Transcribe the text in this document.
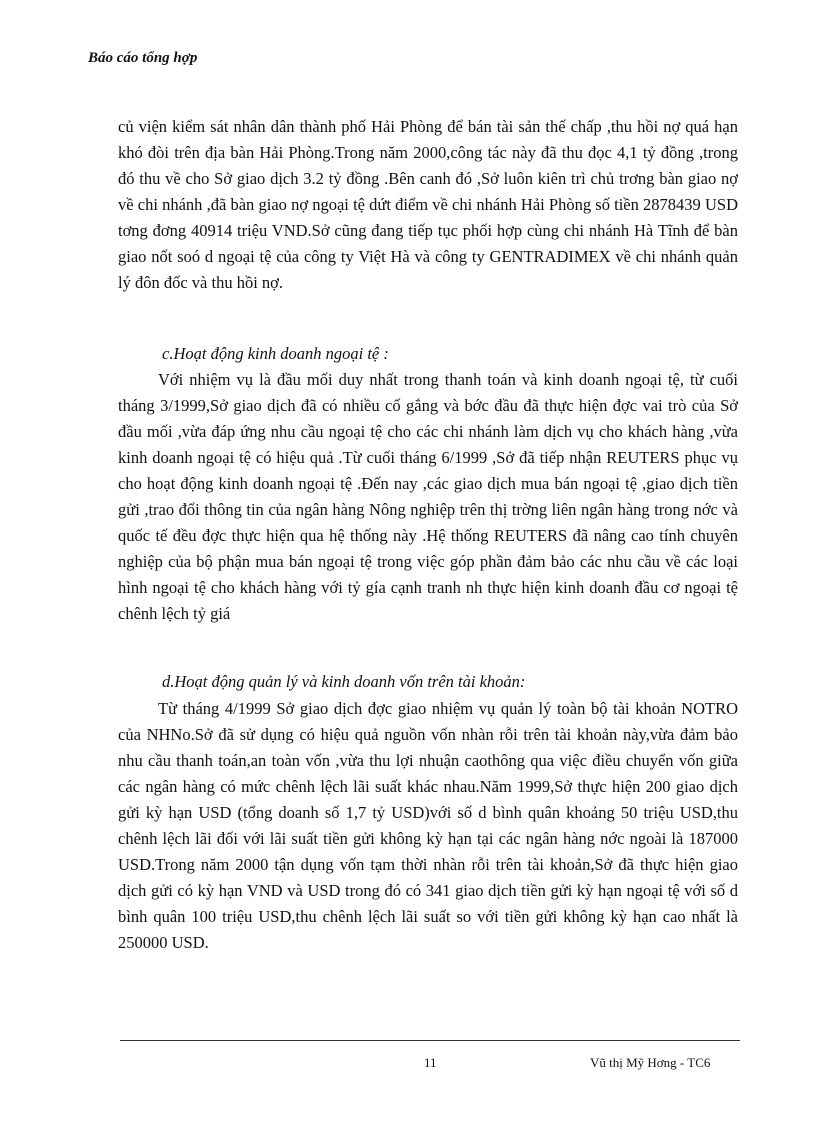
Báo cáo tổng hợp

củ viện kiểm sát nhân dân thành phố Hải Phòng để bán tài sản thế chấp ,thu hồi nợ quá hạn khó đòi trên địa bàn Hải Phòng.Trong năm 2000,công tác này đã thu đọc 4,1 tỷ đồng ,trong đó thu về cho Sở giao dịch 3.2 tỷ đồng .Bên canh đó ,Sở luôn kiên trì chủ trơng bàn giao nợ về chi nhánh ,đã bàn giao nợ ngoại tệ dứt điểm về chi nhánh Hải Phòng số tiền 2878439 USD tơng đơng 40914 triệu VND.Sở cũng đang tiếp tục phối hợp cùng chi nhánh Hà Tĩnh để bàn giao nốt soó d ngoại tệ của công ty Việt Hà và công ty GENTRADIMEX về chi nhánh quản lý đôn đốc và thu hồi nợ.

c.Hoạt động kinh doanh ngoại tệ :

Với nhiệm vụ là đầu mối duy nhất trong thanh toán và kinh doanh ngoại tệ, từ cuối tháng 3/1999,Sở giao dịch đã có nhiều cố gắng và bớc đầu đã thực hiện đợc vai trò của Sở đầu mối ,vừa đáp ứng nhu cầu ngoại tệ cho các chi nhánh làm dịch vụ cho khách hàng ,vừa kinh doanh ngoại tệ có hiệu quả .Từ cuối tháng 6/1999 ,Sở đã tiếp nhận REUTERS phục vụ cho hoạt động kinh doanh ngoại tệ .Đến nay ,các giao dịch mua bán ngoại tệ ,giao dịch tiền gửi ,trao đổi thông tin của ngân hàng Nông nghiệp trên thị trờng liên ngân hàng trong nớc và quốc tế đều đợc thực hiện qua hệ thống này .Hệ thống REUTERS đã nâng cao tính chuyên nghiệp của bộ phận mua bán ngoại tệ trong việc góp phần đảm bảo các nhu cầu về các loại hình ngoại tệ cho khách hàng với tỷ gía cạnh tranh nh thực hiện kinh doanh đầu cơ ngoại tệ chênh lệch tỷ giá

d.Hoạt động quản lý và kinh doanh vốn trên tài khoản:

Từ tháng 4/1999 Sở giao dịch đợc giao nhiệm vụ quản lý toàn bộ tài khoản NOTRO của NHNo.Sở đã sử dụng có hiệu quả nguồn vốn nhàn rỗi trên tài khoản này,vừa đảm bảo nhu cầu thanh toán,an toàn vốn ,vừa thu lợi nhuận caothông qua việc điều chuyển vốn giữa các ngân hàng có mức chênh lệch lãi suất khác nhau.Năm 1999,Sở thực hiện 200 giao dịch gửi kỳ hạn USD (tổng doanh số 1,7 tỷ USD)với số d bình quân khoảng 50 triệu USD,thu chênh lệch lãi đối với lãi suất tiền gửi không kỳ hạn tại các ngân hàng nớc ngoài là 187000 USD.Trong năm 2000 tận dụng vốn tạm thời nhàn rỗi trên tài khoản,Sở đã thực hiện giao dịch gửi có kỳ hạn VND và USD trong đó có 341 giao dịch tiền gửi kỳ hạn ngoại tệ với số d bình quân 100 triệu USD,thu chênh lệch lãi suất so với tiền gửi không kỳ hạn cao nhất là 250000 USD.

11	Vũ thị Mỹ Hơng - TC6
